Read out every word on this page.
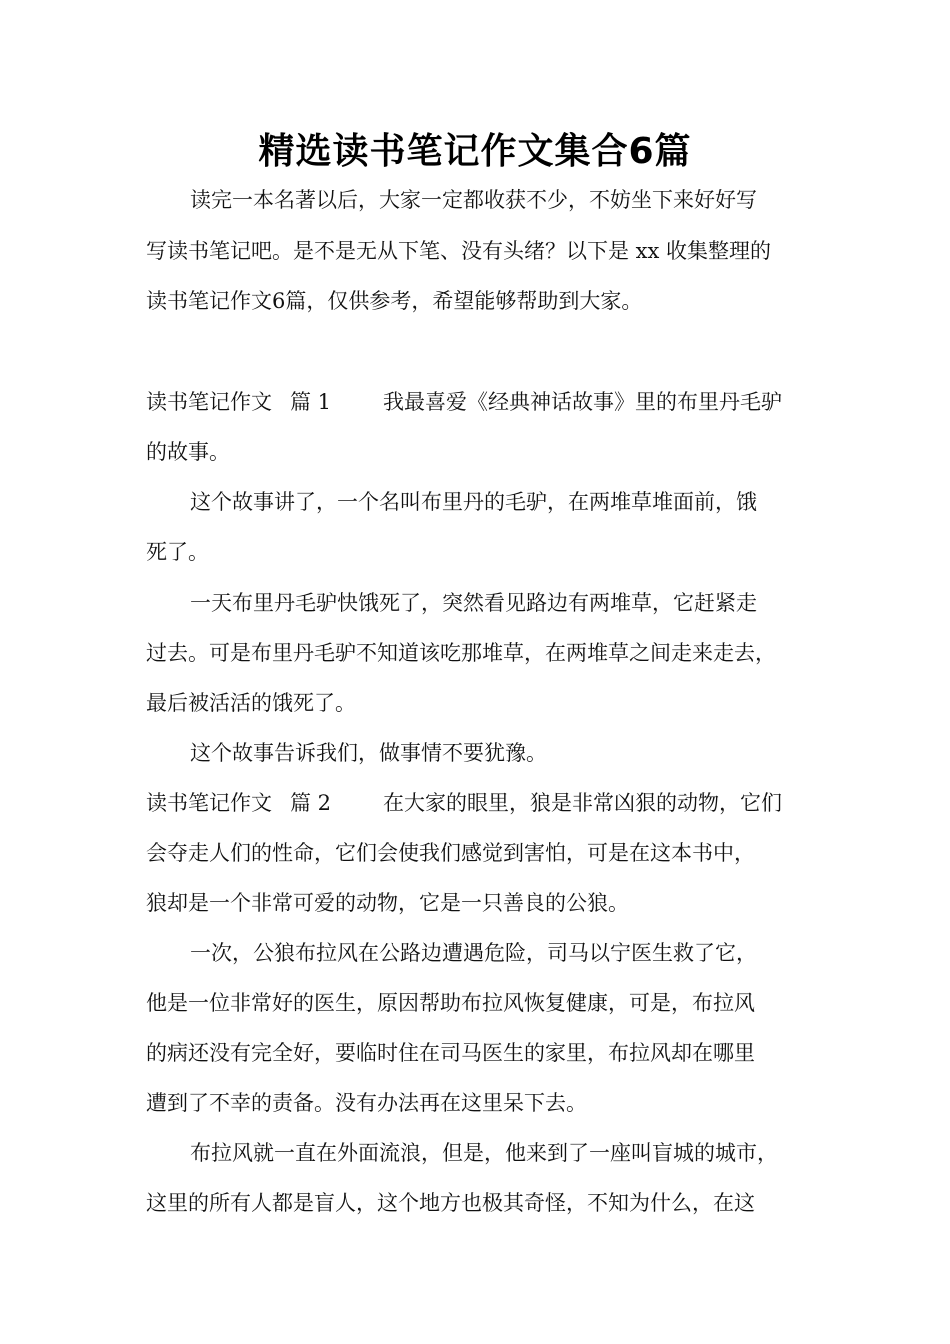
精选读书笔记作文集合6篇

读完一本名著以后，大家一定都收获不少，不妨坐下来好好写

写读书笔记吧。是不是无从下笔、没有头绪？以下是 xx 收集整理的

读书笔记作文6篇，仅供参考，希望能够帮助到大家。

读书笔记作文 篇 1 我最喜爱《经典神话故事》里的布里丹毛驴

的故事。

这个故事讲了，一个名叫布里丹的毛驴，在两堆草堆面前，饿

死了。

一天布里丹毛驴快饿死了，突然看见路边有两堆草，它赶紧走

过去。可是布里丹毛驴不知道该吃那堆草，在两堆草之间走来走去，

最后被活活的饿死了。

这个故事告诉我们，做事情不要犹豫。

读书笔记作文 篇 2 在大家的眼里，狼是非常凶狠的动物，它们

会夺走人们的性命，它们会使我们感觉到害怕，可是在这本书中，

狼却是一个非常可爱的动物，它是一只善良的公狼。

一次，公狼布拉风在公路边遭遇危险，司马以宁医生救了它，

他是一位非常好的医生，原因帮助布拉风恢复健康，可是，布拉风

的病还没有完全好，要临时住在司马医生的家里，布拉风却在哪里

遭到了不幸的责备。没有办法再在这里呆下去。

布拉风就一直在外面流浪，但是，他来到了一座叫盲城的城市，

这里的所有人都是盲人，这个地方也极其奇怪，不知为什么，在这
